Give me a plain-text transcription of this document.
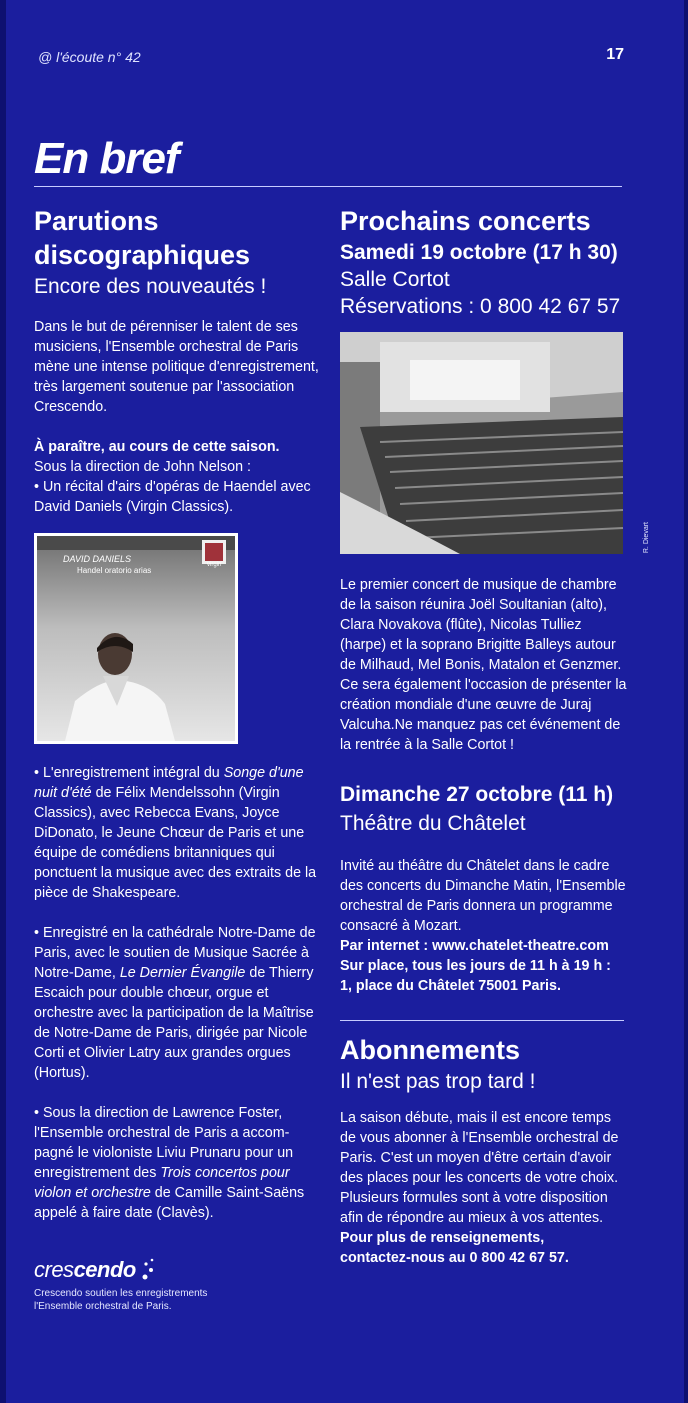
@ l'écoute n° 42	17
En bref

Parutions

discographiques

Encore des nouveautés !

Dans le but de pérenniser le talent de ses musiciens, l'Ensemble orchestral de Paris mène une intense politique d'enregistrement, très largement soutenue par l'association Crescendo.

À paraître, au cours de cette saison.

Sous la direction de John Nelson :

• Un récital d'airs d'opéras de Haendel avec David Daniels (Virgin Classics).

DAVID DANIELS
Handel oratorio arias
virgin

• L'enregistrement intégral du Songe d'une nuit d'été de Félix Mendelssohn (Virgin Classics), avec Rebecca Evans, Joyce DiDonato, le Jeune Chœur de Paris et une équipe de comédiens britanniques qui ponctuent la musique avec des extraits de la pièce de Shakespeare.

• Enregistré en la cathédrale Notre-Dame de Paris, avec le soutien de Musique Sacrée à Notre-Dame, Le Dernier Évangile de Thierry Escaich pour double chœur, orgue et orchestre avec la participation de la Maîtrise de Notre-Dame de Paris, dirigée par Nicole Corti et Olivier Latry aux grandes orgues (Hortus).

• Sous la direction de Lawrence Foster, l'Ensemble orchestral de Paris a accompagné le violoniste Liviu Prunaru pour un enregistrement des Trois concertos pour violon et orchestre de Camille Saint-Saëns appelé à faire date (Clavès).

crescendo

Crescendo soutien les enregistrements

l'Ensemble orchestral de Paris.

Prochains concerts

Samedi 19 octobre (17 h 30)

Salle Cortot

Réservations : 0 800 42 67 57

R. Dievart

Le premier concert de musique de chambre de la saison réunira Joël Soultanian (alto), Clara Novakova (flûte), Nicolas Tulliez (harpe) et la soprano Brigitte Balleys autour de Milhaud, Mel Bonis, Matalon et Genzmer. Ce sera également l'occasion de présenter la création mondiale d'une œuvre de Juraj Valcuha.Ne manquez pas cet événement de la rentrée à la Salle Cortot !

Dimanche 27 octobre (11 h)

Théâtre du Châtelet

Invité au théâtre du Châtelet dans le cadre des concerts du Dimanche Matin, l'Ensemble orchestral de Paris donnera un programme consacré à Mozart.

Par internet : www.chatelet-theatre.com

Sur place, tous les jours de 11 h à 19 h :

1, place du Châtelet 75001 Paris.

Abonnements

Il n'est pas trop tard !

La saison débute, mais il est encore temps de vous abonner à l'Ensemble orchestral de Paris. C'est un moyen d'être certain d'avoir des places pour les concerts de votre choix. Plusieurs formules sont à votre disposition afin de répondre au mieux à vos attentes.

Pour plus de renseignements,

contactez-nous au 0 800 42 67 57.
